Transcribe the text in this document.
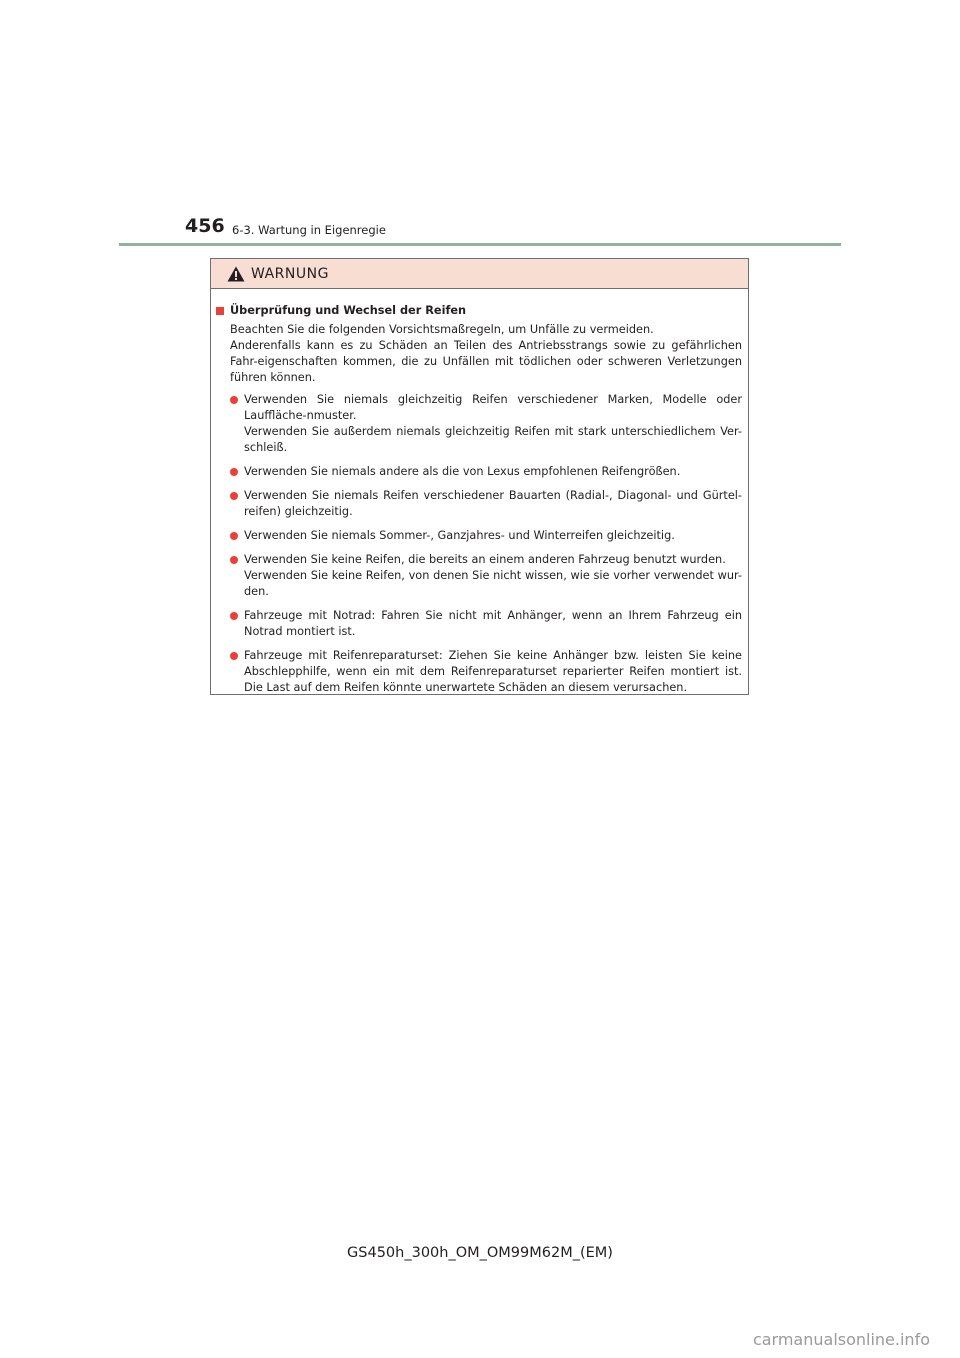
456 6-3. Wartung in Eigenregie
WARNUNG
Überprüfung und Wechsel der Reifen

Beachten Sie die folgenden Vorsichtsmaßregeln, um Unfälle zu vermeiden.

Anderenfalls kann es zu Schäden an Teilen des Antriebsstrangs sowie zu gefährlichen Fahr-eigenschaften kommen, die zu Unfällen mit tödlichen oder schweren Verletzungen führen können.

Verwenden Sie niemals gleichzeitig Reifen verschiedener Marken, Modelle oder Lauffläche-nmuster.

Verwenden Sie außerdem niemals gleichzeitig Reifen mit stark unterschiedlichem Ver-schleiß.

Verwenden Sie niemals andere als die von Lexus empfohlenen Reifengrößen.

Verwenden Sie niemals Reifen verschiedener Bauarten (Radial-, Diagonal- und Gürtel-reifen) gleichzeitig.

Verwenden Sie niemals Sommer-, Ganzjahres- und Winterreifen gleichzeitig.

Verwenden Sie keine Reifen, die bereits an einem anderen Fahrzeug benutzt wurden.

Verwenden Sie keine Reifen, von denen Sie nicht wissen, wie sie vorher verwendet wur-den.

Fahrzeuge mit Notrad: Fahren Sie nicht mit Anhänger, wenn an Ihrem Fahrzeug ein Notrad montiert ist.

Fahrzeuge mit Reifenreparaturset: Ziehen Sie keine Anhänger bzw. leisten Sie keine Abschlepphilfe, wenn ein mit dem Reifenreparaturset reparierter Reifen montiert ist. Die Last auf dem Reifen könnte unerwartete Schäden an diesem verursachen.

GS450h_300h_OM_OM99M62M_(EM)
carmanualsonline.info
